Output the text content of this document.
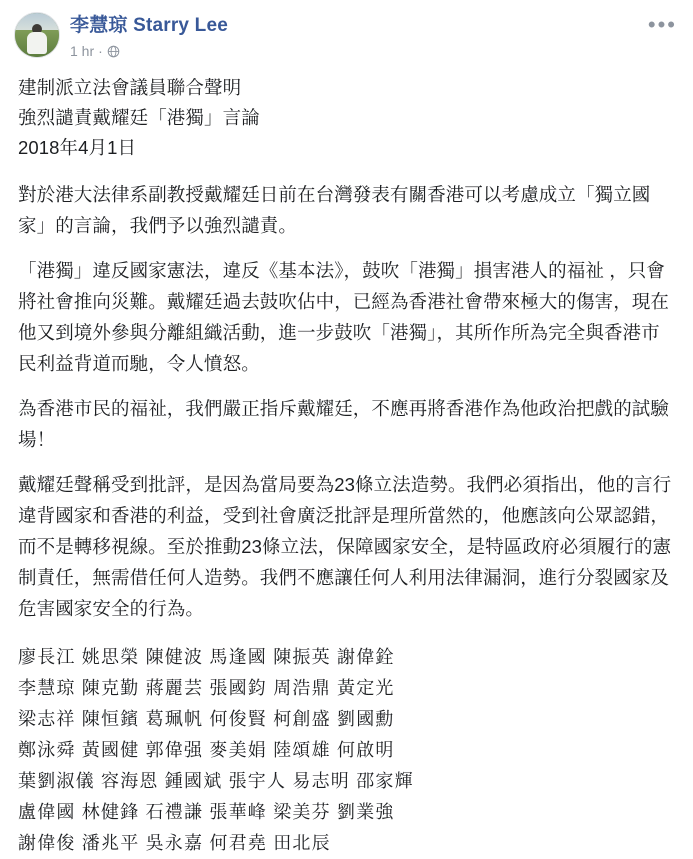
李慧琼 Starry Lee
1 hr ·
•••

建制派立法會議員聯合聲明

強烈譴責戴耀廷「港獨」言論

2018年4月1日

對於港大法律系副教授戴耀廷日前在台灣發表有關香港可以考慮成立「獨立國家」的言論，我們予以強烈譴責。

「港獨」違反國家憲法，違反《基本法》，鼓吹「港獨」損害港人的福祉 ，只會將社會推向災難。戴耀廷過去鼓吹佔中，已經為香港社會帶來極大的傷害，現在他又到境外參與分離組織活動，進一步鼓吹「港獨」，其所作所為完全與香港市民利益背道而馳，令人憤怒。

為香港市民的福祉，我們嚴正指斥戴耀廷，不應再將香港作為他政治把戲的試驗場！

戴耀廷聲稱受到批評，是因為當局要為23條立法造勢。我們必須指出，他的言行違背國家和香港的利益，受到社會廣泛批評是理所當然的，他應該向公眾認錯，而不是轉移視線。至於推動23條立法，保障國家安全，是特區政府必須履行的憲制責任，無需借任何人造勢。我們不應讓任何人利用法律漏洞，進行分裂國家及危害國家安全的行為。

廖長江 姚思榮 陳健波 馬逢國 陳振英 謝偉銓

李慧琼 陳克勤 蔣麗芸 張國鈞 周浩鼎 黃定光

梁志祥 陳恒鑌 葛珮帆 何俊賢 柯創盛 劉國勳

鄭泳舜 黃國健 郭偉强 麥美娟 陸頌雄 何啟明

葉劉淑儀 容海恩 鍾國斌 張宇人 易志明 邵家輝

盧偉國 林健鋒 石禮謙 張華峰 梁美芬 劉業強

謝偉俊 潘兆平 吳永嘉 何君堯 田北辰
